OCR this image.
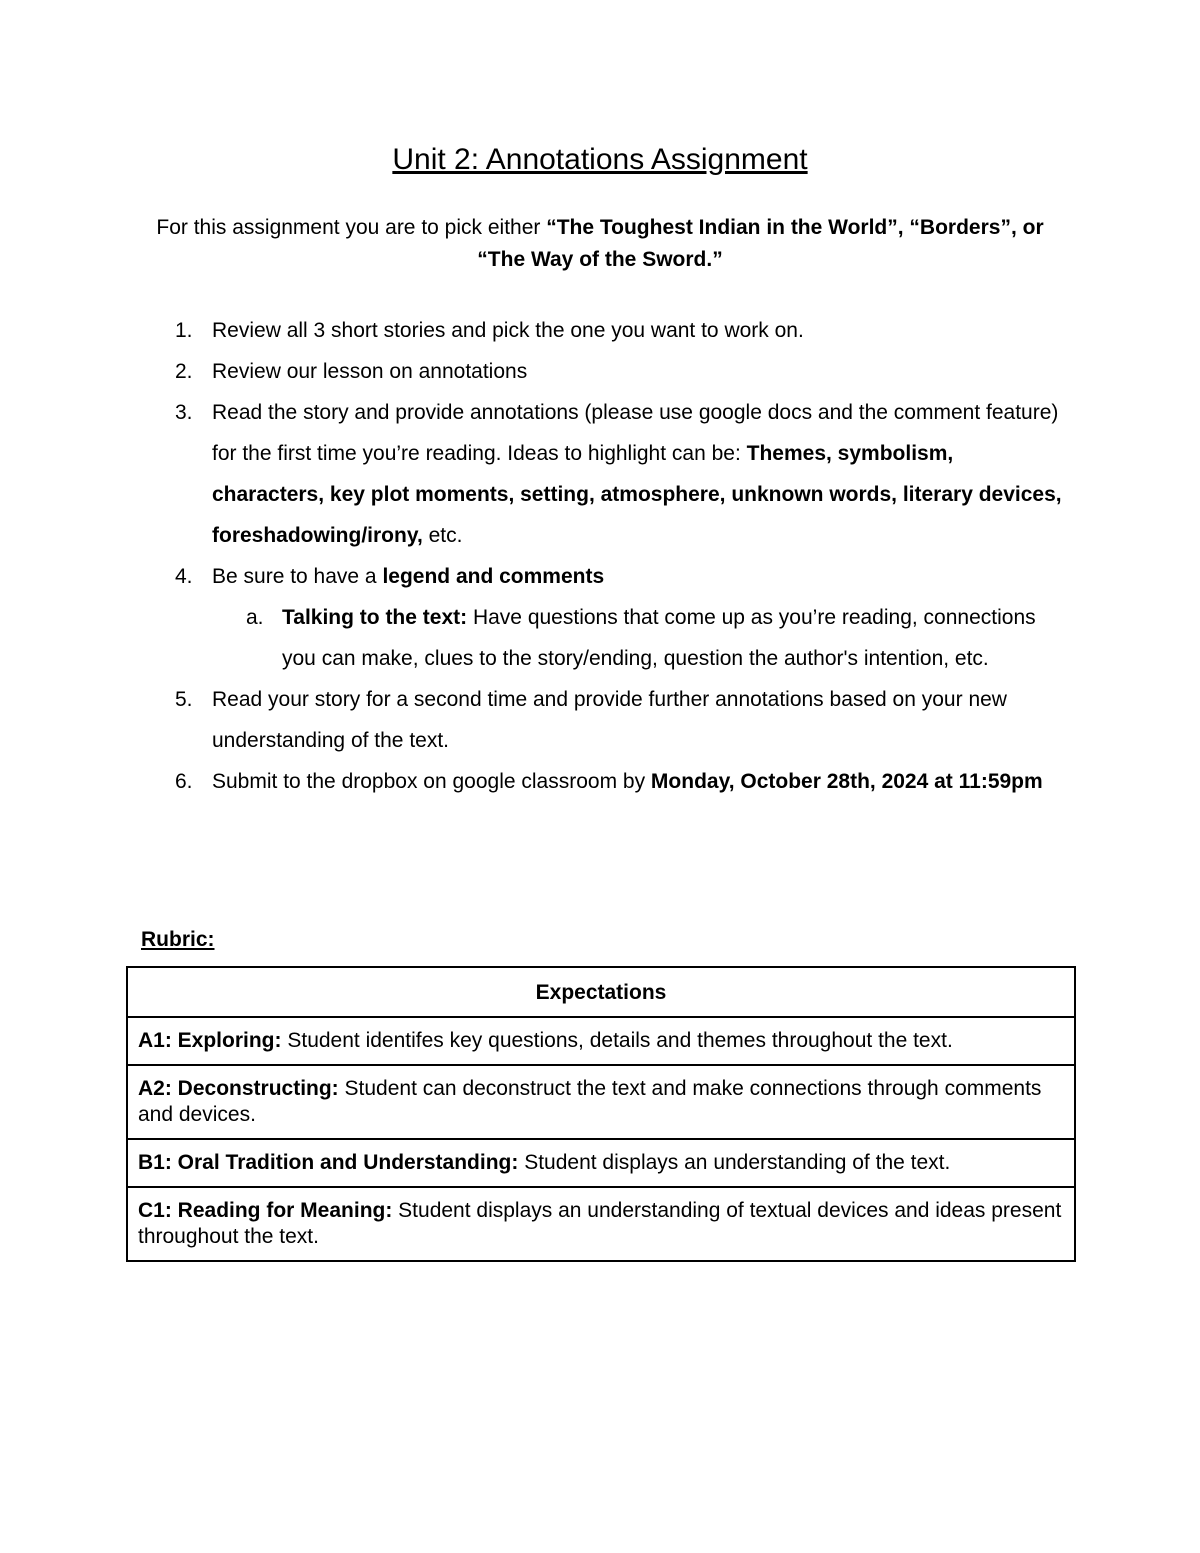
Unit 2: Annotations Assignment
For this assignment you are to pick either “The Toughest Indian in the World”, “Borders”, or “The Way of the Sword.”
1. Review all 3 short stories and pick the one you want to work on.
2. Review our lesson on annotations
3. Read the story and provide annotations (please use google docs and the comment feature) for the first time you’re reading. Ideas to highlight can be: Themes, symbolism, characters, key plot moments, setting, atmosphere, unknown words, literary devices, foreshadowing/irony, etc.
4. Be sure to have a legend and comments
a. Talking to the text: Have questions that come up as you’re reading, connections you can make, clues to the story/ending, question the author's intention, etc.
5. Read your story for a second time and provide further annotations based on your new understanding of the text.
6. Submit to the dropbox on google classroom by Monday, October 28th, 2024 at 11:59pm
Rubric:
Expectations
A1: Exploring: Student identifes key questions, details and themes throughout the text.
A2: Deconstructing: Student can deconstruct the text and make connections through comments and devices.
B1: Oral Tradition and Understanding: Student displays an understanding of the text.
C1: Reading for Meaning: Student displays an understanding of textual devices and ideas present throughout the text.
